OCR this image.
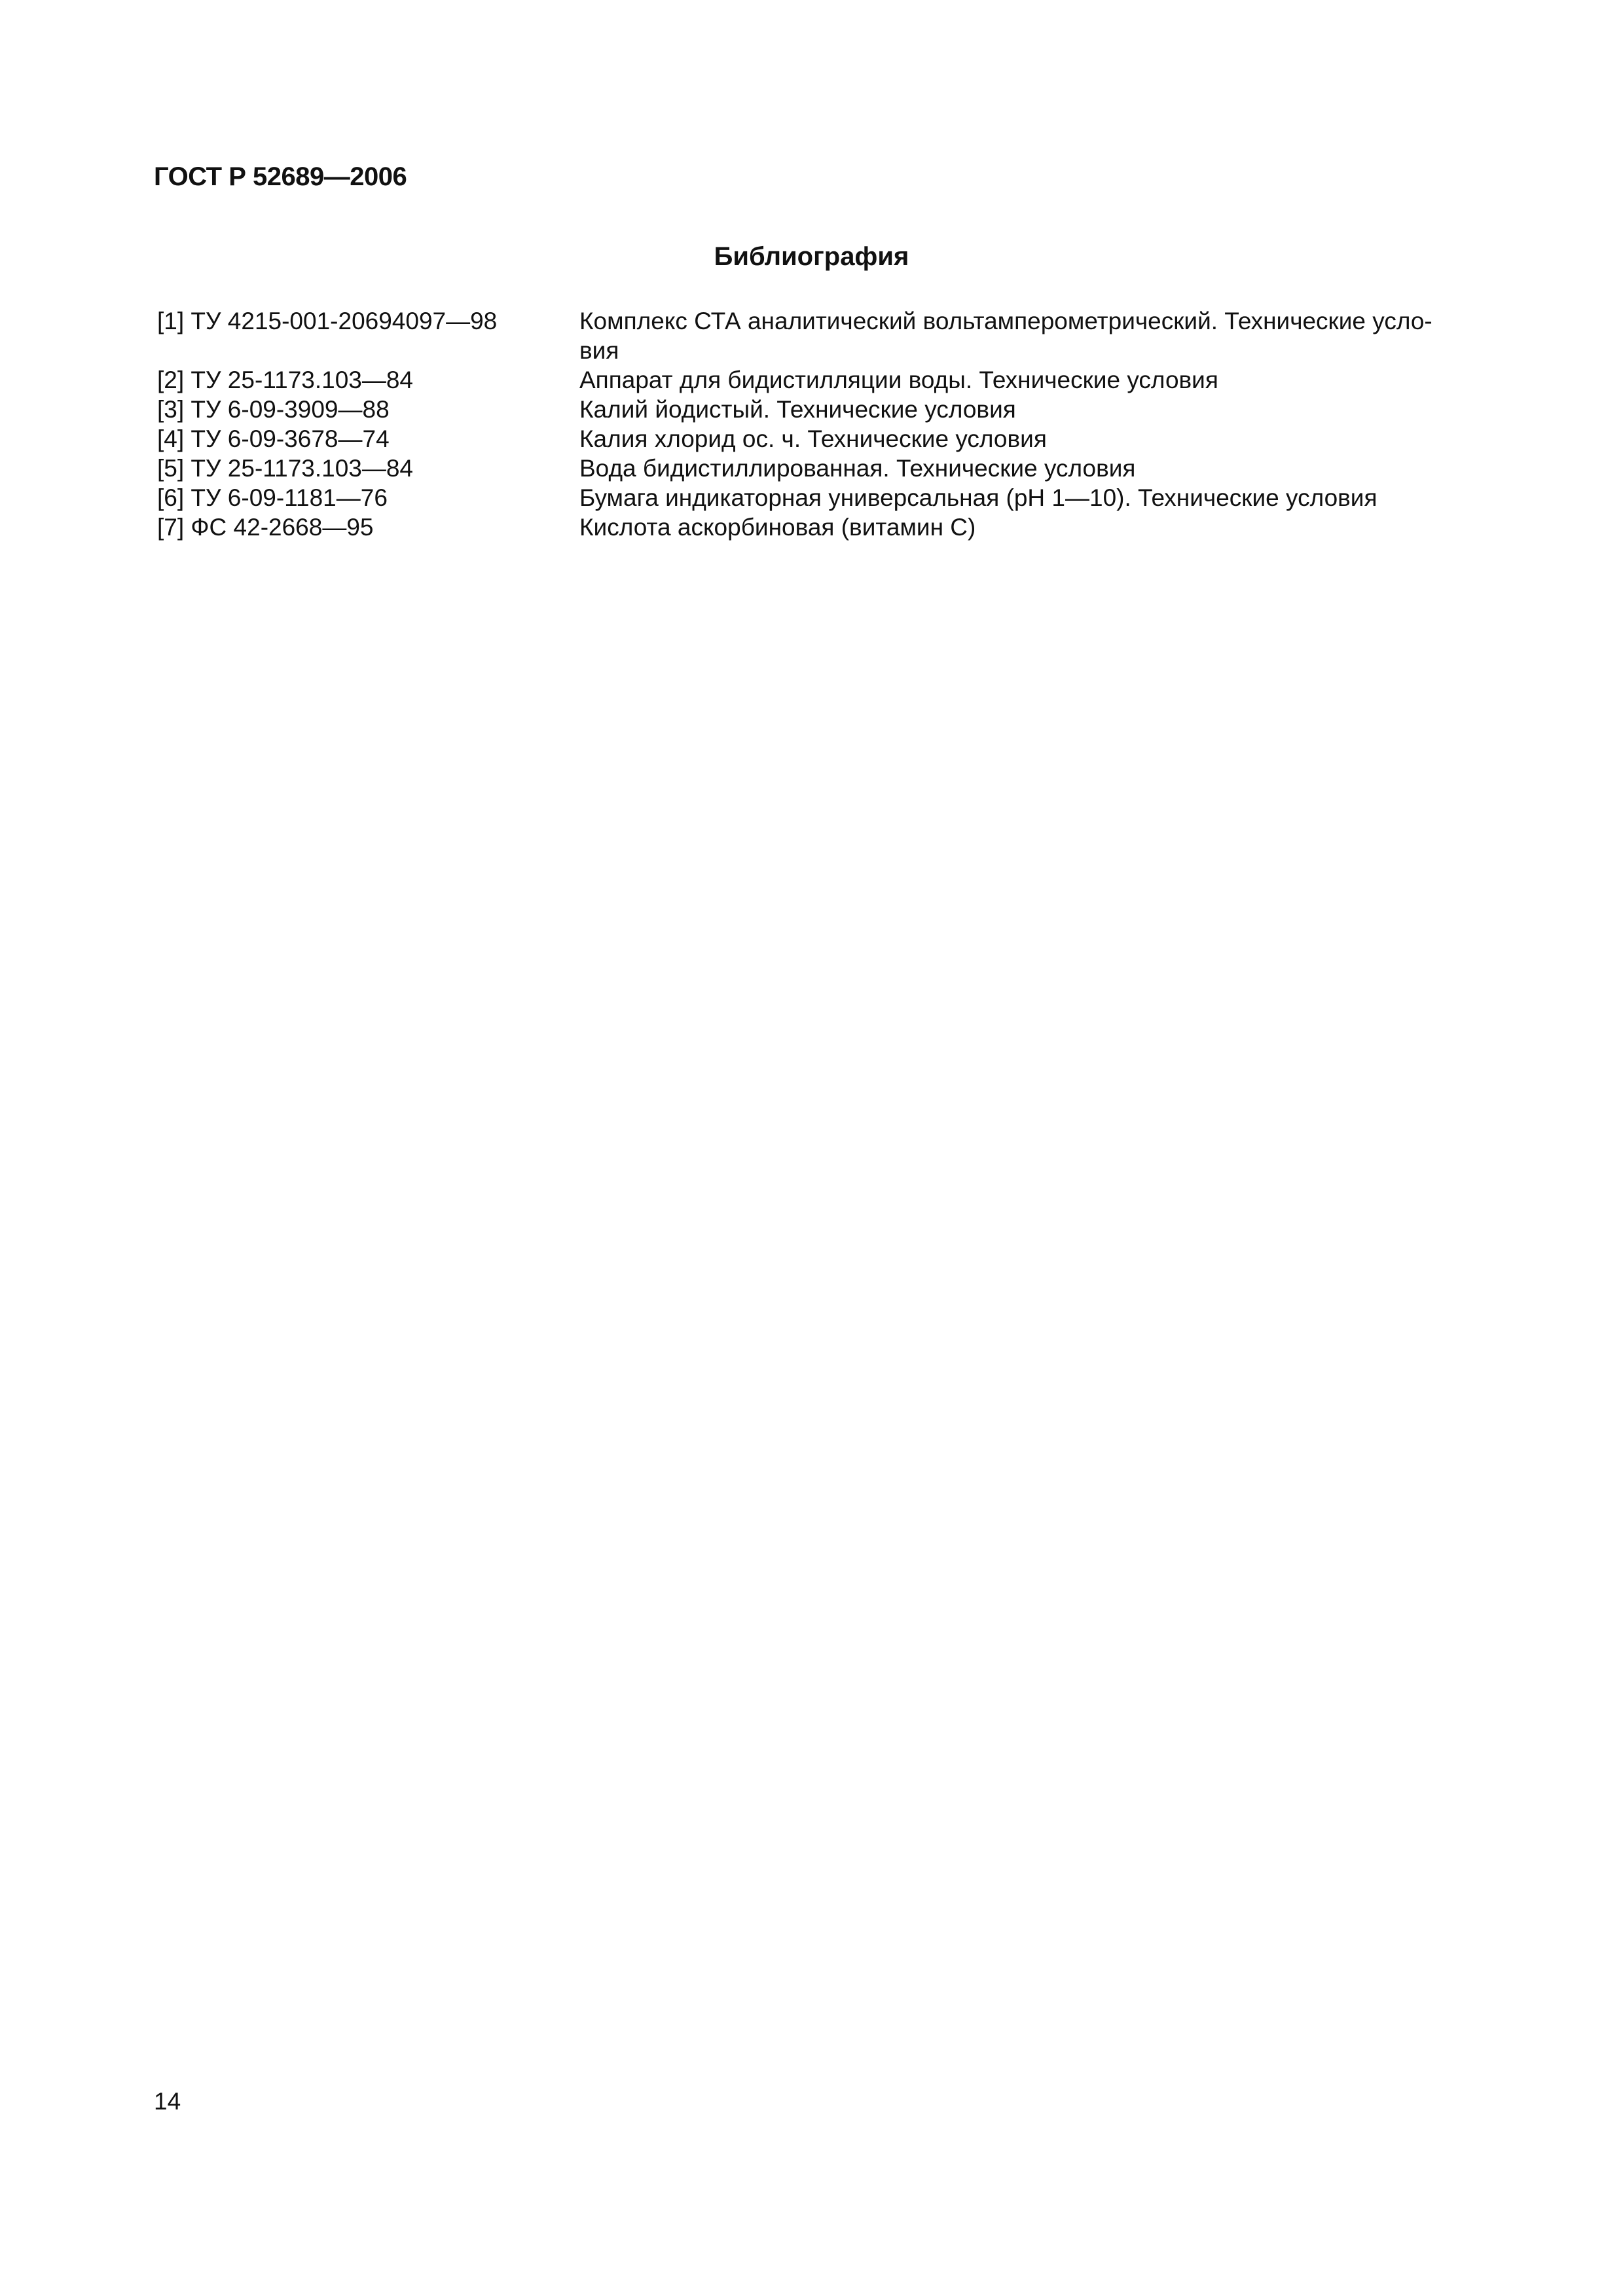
ГОСТ Р 52689—2006
Библиография
[1] ТУ 4215-001-20694097—98	Комплекс СТА аналитический вольтамперометрический. Технические усло-
вия
[2] ТУ 25-1173.103—84	Аппарат для бидистилляции воды. Технические условия
[3] ТУ 6-09-3909—88	Калий йодистый. Технические условия
[4] ТУ 6-09-3678—74	Калия хлорид ос. ч. Технические условия
[5] ТУ 25-1173.103—84	Вода бидистиллированная. Технические условия
[6] ТУ 6-09-1181—76	Бумага индикаторная универсальная (рН 1—10). Технические условия
[7] ФС 42-2668—95	Кислота аскорбиновая (витамин С)

14
